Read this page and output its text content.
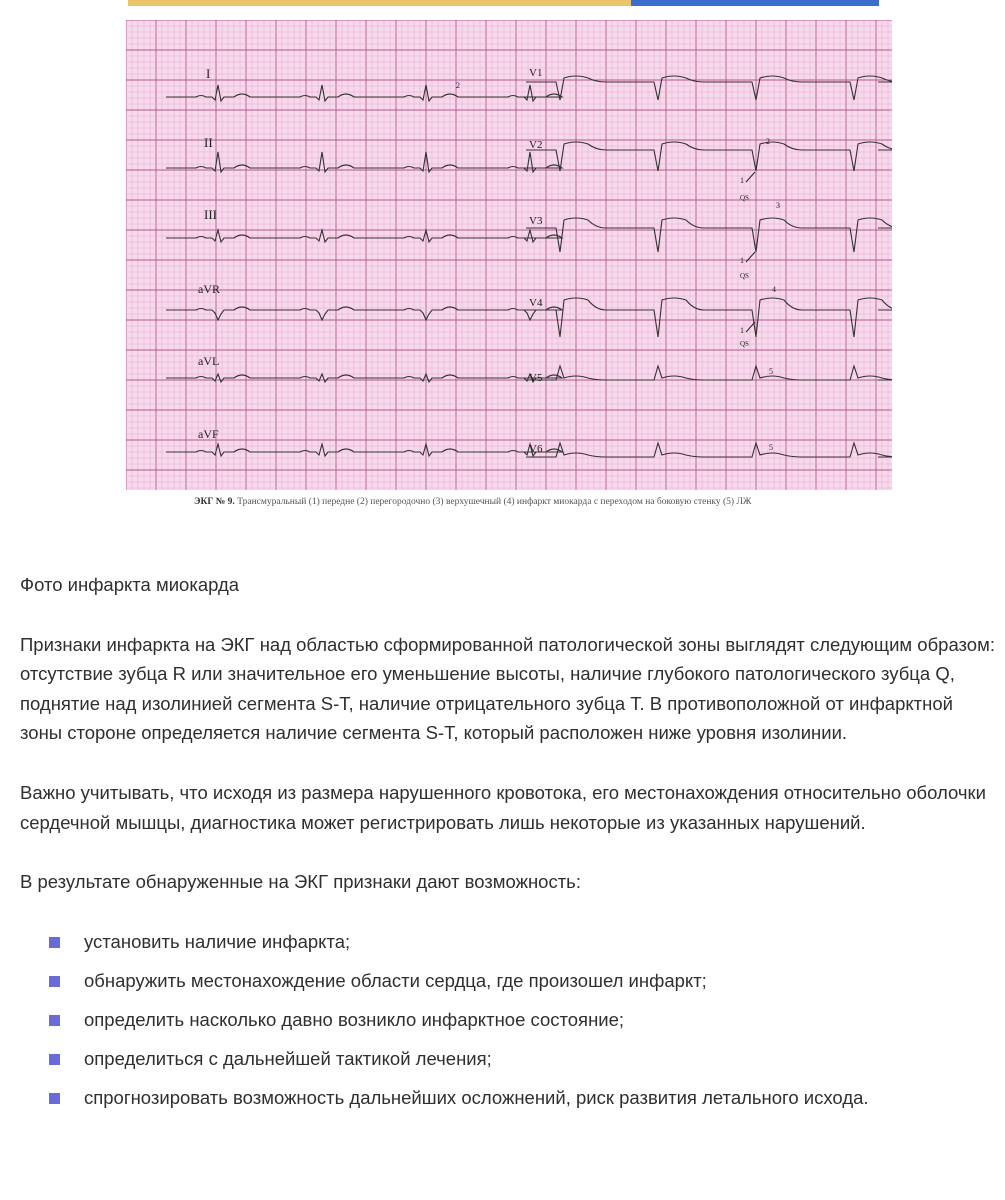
I
II
III
aVR
aVL
aVF
V1
V2
V3
V4
V5
V6
2
2
3
4
5
5
1
QS
1
QS
1
QS
ЭКГ № 9. Трансмуральный (1) переднe (2) перегородочно (3) верхушечный (4) инфаркт миокарда с переходом на боковую стенку (5) ЛЖ

Фото инфаркта миокарда

Признаки инфаркта на ЭКГ над областью сформированной патологической зоны выглядят следующим образом: отсутствие зубца R или значительное его уменьшение высоты, наличие глубокого патологического зубца Q, поднятие над изолинией сегмента S-T, наличие отрицательного зубца T. В противоположной от инфарктной зоны стороне определяется наличие сегмента S-T, который расположен ниже уровня изолинии.

Важно учитывать, что исходя из размера нарушенного кровотока, его местонахождения относительно оболочки сердечной мышцы, диагностика может регистрировать лишь некоторые из указанных нарушений.

В результате обнаруженные на ЭКГ признаки дают возможность:

установить наличие инфаркта;
обнаружить местонахождение области сердца, где произошел инфаркт;
определить насколько давно возникло инфарктное состояние;
определиться с дальнейшей тактикой лечения;
спрогнозировать возможность дальнейших осложнений, риск развития летального исхода.
